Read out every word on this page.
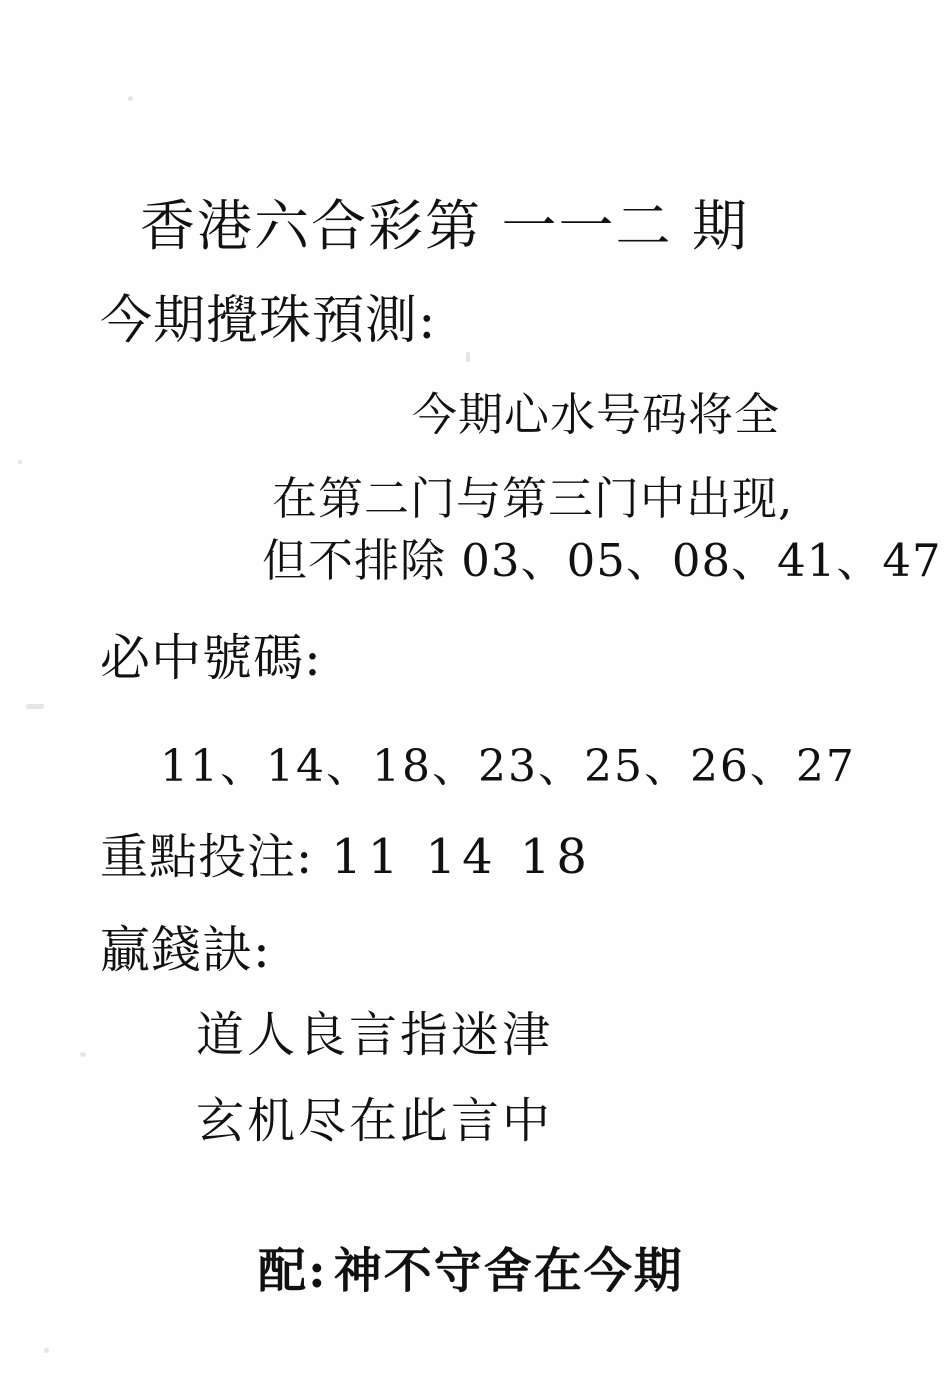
香港六合彩第 一一二 期
今期攪珠預測:
今期心水号码将全
在第二门与第三门中出现,
但不排除 03、05、08、41、47
必中號碼:
11、14、18、23、25、26、27
重點投注: 11 14 18
贏錢訣:
道人良言指迷津
玄机尽在此言中
配: 神不守舍在今期
